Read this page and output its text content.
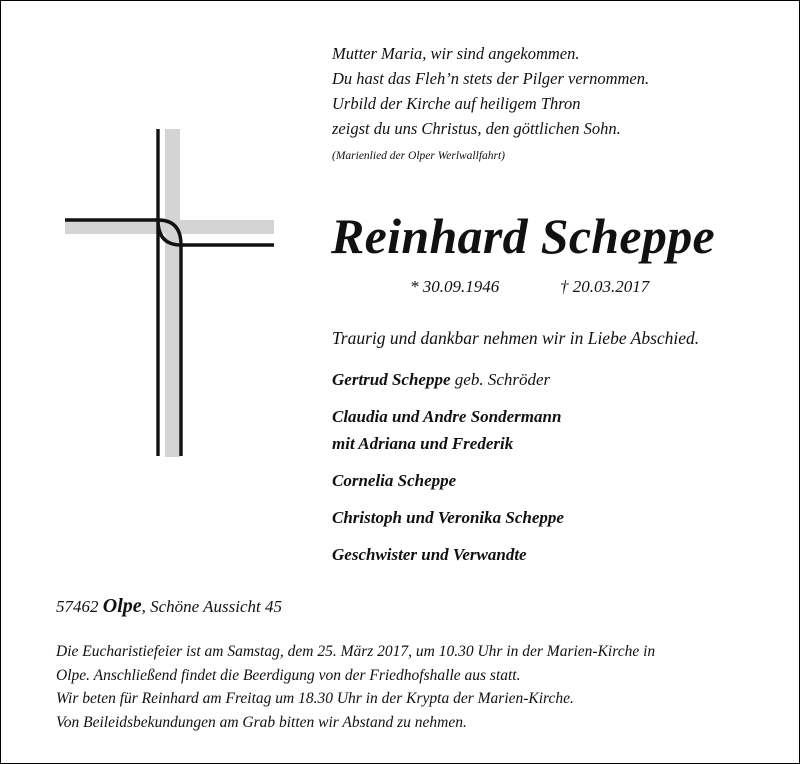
Mutter Maria, wir sind angekommen.
Du hast das Fleh’n stets der Pilger vernommen.
Urbild der Kirche auf heiligem Thron
zeigst du uns Christus, den göttlichen Sohn.
(Marienlied der Olper Werlwallfahrt)
Reinhard Scheppe
* 30.09.1946	† 20.03.2017
Traurig und dankbar nehmen wir in Liebe Abschied.
Gertrud Scheppe geb. Schröder
Claudia und Andre Sondermann
mit Adriana und Frederik
Cornelia Scheppe
Christoph und Veronika Scheppe
Geschwister und Verwandte
57462 Olpe, Schöne Aussicht 45
Die Eucharistiefeier ist am Samstag, dem 25. März 2017, um 10.30 Uhr in der Marien-Kirche in
Olpe. Anschließend findet die Beerdigung von der Friedhofshalle aus statt.
Wir beten für Reinhard am Freitag um 18.30 Uhr in der Krypta der Marien-Kirche.
Von Beileidsbekundungen am Grab bitten wir Abstand zu nehmen.
